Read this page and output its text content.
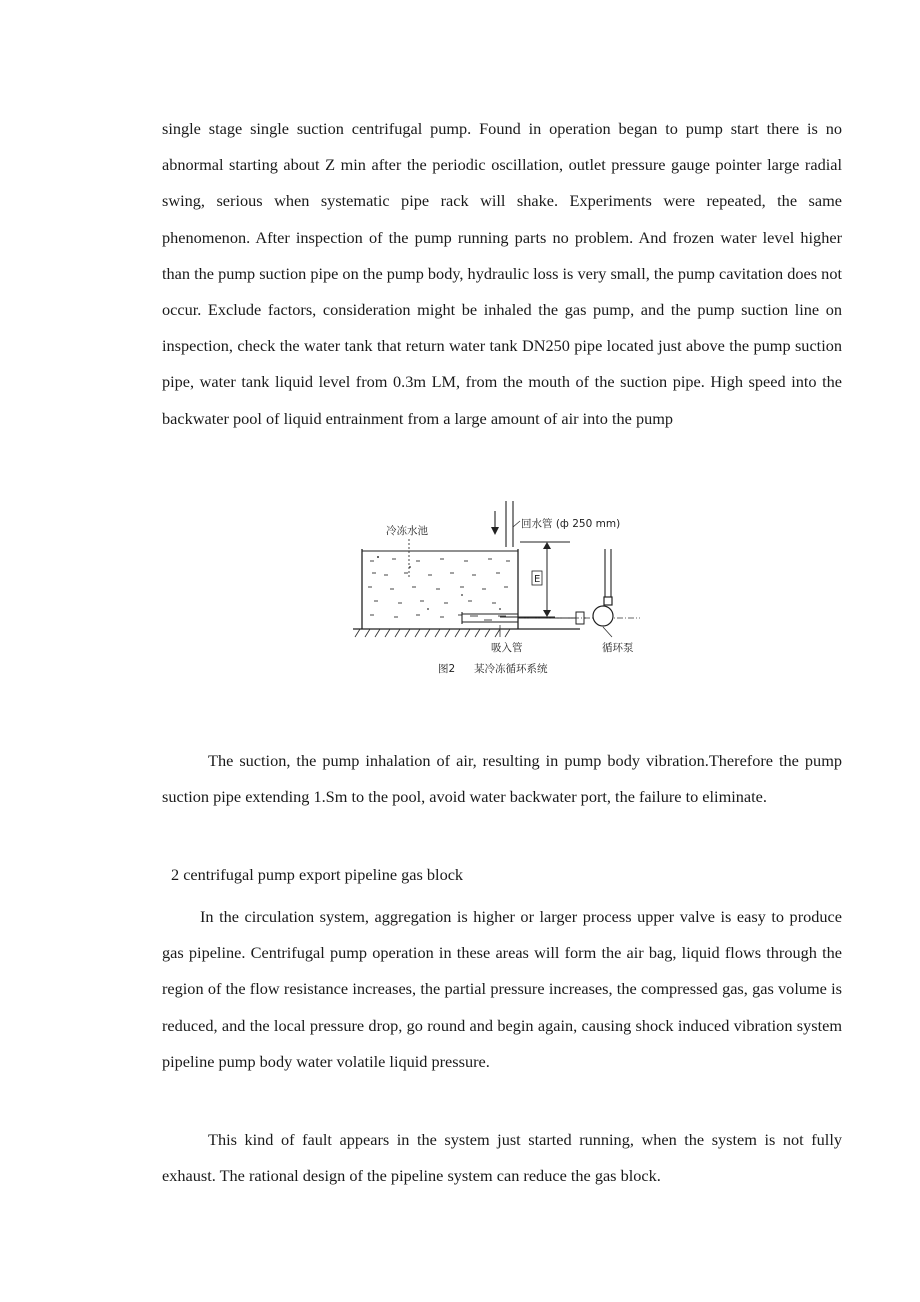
single stage single suction centrifugal pump. Found in operation began to pump start there is no abnormal starting about Z min after the periodic oscillation, outlet pressure gauge pointer large radial swing, serious when systematic pipe rack will shake. Experiments were repeated, the same phenomenon. After inspection of the pump running parts no problem. And frozen water level higher than the pump suction pipe on the pump body, hydraulic loss is very small, the pump cavitation does not occur. Exclude factors, consideration might be inhaled the gas pump, and the pump suction line on inspection, check the water tank that return water tank DN250 pipe located just above the pump suction pipe, water tank liquid level from 0.3m LM, from the mouth of the suction pipe. High speed into the backwater pool of liquid entrainment from a large amount of air into the pump

冷冻水池
回水管 (ф 250 mm)
E
吸入管	循环泵
图2 某冷冻循环系统

The suction, the pump inhalation of air, resulting in pump body vibration.Therefore the pump suction pipe extending 1.Sm to the pool, avoid water backwater port, the failure to eliminate.

2 centrifugal pump export pipeline gas block

In the circulation system, aggregation is higher or larger process upper valve is easy to produce gas pipeline. Centrifugal pump operation in these areas will form the air bag, liquid flows through the region of the flow resistance increases, the partial pressure increases, the compressed gas, gas volume is reduced, and the local pressure drop, go round and begin again, causing shock induced vibration system pipeline pump body water volatile liquid pressure.

This kind of fault appears in the system just started running, when the system is not fully exhaust. The rational design of the pipeline system can reduce the gas block.
